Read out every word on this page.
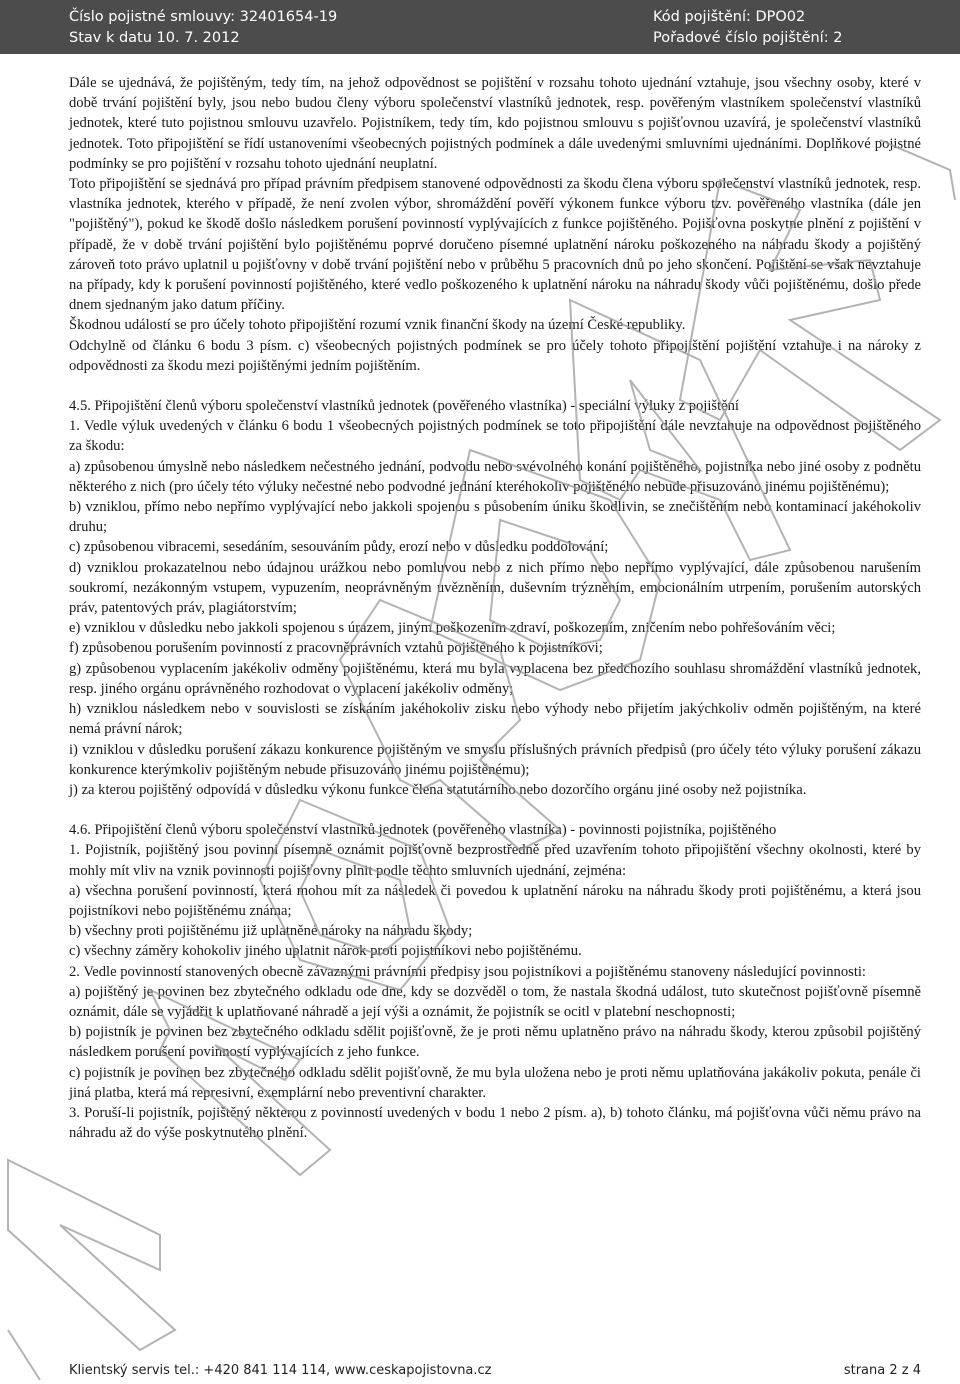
Číslo pojistné smlouvy: 32401654-19
Stav k datu 10. 7. 2012
Kód pojištění: DPO02
Pořadové číslo pojištění: 2

Dále se ujednává, že pojištěným, tedy tím, na jehož odpovědnost se pojištění v rozsahu tohoto ujednání vztahuje, jsou všechny osoby, které v době trvání pojištění byly, jsou nebo budou členy výboru společenství vlastníků jednotek, resp. pověřeným vlastníkem společenství vlastníků jednotek, které tuto pojistnou smlouvu uzavřelo. Pojistníkem, tedy tím, kdo pojistnou smlouvu s pojišťovnou uzavírá, je společenství vlastníků jednotek. Toto připojištění se řídí ustanoveními všeobecných pojistných podmínek a dále uvedenými smluvními ujednáními. Doplňkové pojistné podmínky se pro pojištění v rozsahu tohoto ujednání neuplatní.

Toto připojištění se sjednává pro případ právním předpisem stanovené odpovědnosti za škodu člena výboru společenství vlastníků jednotek, resp. vlastníka jednotek, kterého v případě, že není zvolen výbor, shromáždění pověří výkonem funkce výboru tzv. pověřeného vlastníka (dále jen "pojištěný"), pokud ke škodě došlo následkem porušení povinností vyplývajících z funkce pojištěného. Pojišťovna poskytne plnění z pojištění v případě, že v době trvání pojištění bylo pojištěnému poprvé doručeno písemné uplatnění nároku poškozeného na náhradu škody a pojištěný zároveň toto právo uplatnil u pojišťovny v době trvání pojištění nebo v průběhu 5 pracovních dnů po jeho skončení. Pojištění se však nevztahuje na případy, kdy k porušení povinností pojištěného, které vedlo poškozeného k uplatnění nároku na náhradu škody vůči pojištěnému, došlo přede dnem sjednaným jako datum příčiny.

Škodnou událostí se pro účely tohoto připojištění rozumí vznik finanční škody na území České republiky.

Odchylně od článku 6 bodu 3 písm. c) všeobecných pojistných podmínek se pro účely tohoto připojištění pojištění vztahuje i na nároky z odpovědnosti za škodu mezi pojištěnými jedním pojištěním.

4.5. Připojištění členů výboru společenství vlastníků jednotek (pověřeného vlastníka) - speciální výluky z pojištění

1. Vedle výluk uvedených v článku 6 bodu 1 všeobecných pojistných podmínek se toto připojištění dále nevztahuje na odpovědnost pojištěného za škodu:

a) způsobenou úmyslně nebo následkem nečestného jednání, podvodu nebo svévolného konání pojištěného, pojistníka nebo jiné osoby z podnětu některého z nich (pro účely této výluky nečestné nebo podvodné jednání kteréhokoliv pojištěného nebude přisuzováno jinému pojištěnému);

b) vzniklou, přímo nebo nepřímo vyplývající nebo jakkoli spojenou s působením úniku škodlivin, se znečištěním nebo kontaminací jakéhokoliv druhu;

c) způsobenou vibracemi, sesedáním, sesouváním půdy, erozí nebo v důsledku poddolování;

d) vzniklou prokazatelnou nebo údajnou urážkou nebo pomluvou nebo z nich přímo nebo nepřímo vyplývající, dále způsobenou narušením soukromí, nezákonným vstupem, vypuzením, neoprávněným uvězněním, duševním trýzněním, emocionálním utrpením, porušením autorských práv, patentových práv, plagiátorstvím;

e) vzniklou v důsledku nebo jakkoli spojenou s úrazem, jiným poškozením zdraví, poškozením, zničením nebo pohřešováním věci;

f) způsobenou porušením povinností z pracovněprávních vztahů pojištěného k pojistníkovi;

g) způsobenou vyplacením jakékoliv odměny pojištěnému, která mu byla vyplacena bez předchozího souhlasu shromáždění vlastníků jednotek, resp. jiného orgánu oprávněného rozhodovat o vyplacení jakékoliv odměny;

h) vzniklou následkem nebo v souvislosti se získáním jakéhokoliv zisku nebo výhody nebo přijetím jakýchkoliv odměn pojištěným, na které nemá právní nárok;

i) vzniklou v důsledku porušení zákazu konkurence pojištěným ve smyslu příslušných právních předpisů (pro účely této výluky porušení zákazu konkurence kterýmkoliv pojištěným nebude přisuzováno jinému pojištěnému);

j) za kterou pojištěný odpovídá v důsledku výkonu funkce člena statutárního nebo dozorčího orgánu jiné osoby než pojistníka.

4.6. Připojištění členů výboru společenství vlastníků jednotek (pověřeného vlastníka) - povinnosti pojistníka, pojištěného

1. Pojistník, pojištěný jsou povinni písemně oznámit pojišťovně bezprostředně před uzavřením tohoto připojištění všechny okolnosti, které by mohly mít vliv na vznik povinnosti pojišťovny plnit podle těchto smluvních ujednání, zejména:

a) všechna porušení povinností, která mohou mít za následek či povedou k uplatnění nároku na náhradu škody proti pojištěnému, a která jsou pojistníkovi nebo pojištěnému známa;

b) všechny proti pojištěnému již uplatněné nároky na náhradu škody;

c) všechny záměry kohokoliv jiného uplatnit nárok proti pojistníkovi nebo pojištěnému.

2. Vedle povinností stanovených obecně závaznými právními předpisy jsou pojistníkovi a pojištěnému stanoveny následující povinnosti:

a) pojištěný je povinen bez zbytečného odkladu ode dne, kdy se dozvěděl o tom, že nastala škodná událost, tuto skutečnost pojišťovně písemně oznámit, dále se vyjádřit k uplatňované náhradě a její výši a oznámit, že pojistník se ocitl v platební neschopnosti;

b) pojistník je povinen bez zbytečného odkladu sdělit pojišťovně, že je proti němu uplatněno právo na náhradu škody, kterou způsobil pojištěný následkem porušení povinností vyplývajících z jeho funkce.

c) pojistník je povinen bez zbytečného odkladu sdělit pojišťovně, že mu byla uložena nebo je proti němu uplatňována jakákoliv pokuta, penále či jiná platba, která má represivní, exemplární nebo preventivní charakter.

3. Poruší-li pojistník, pojištěný některou z povinností uvedených v bodu 1 nebo 2 písm. a), b) tohoto článku, má pojišťovna vůči němu právo na náhradu až do výše poskytnutého plnění.

Klientský servis tel.: +420 841 114 114, www.ceskapojistovna.cz	strana 2 z 4
